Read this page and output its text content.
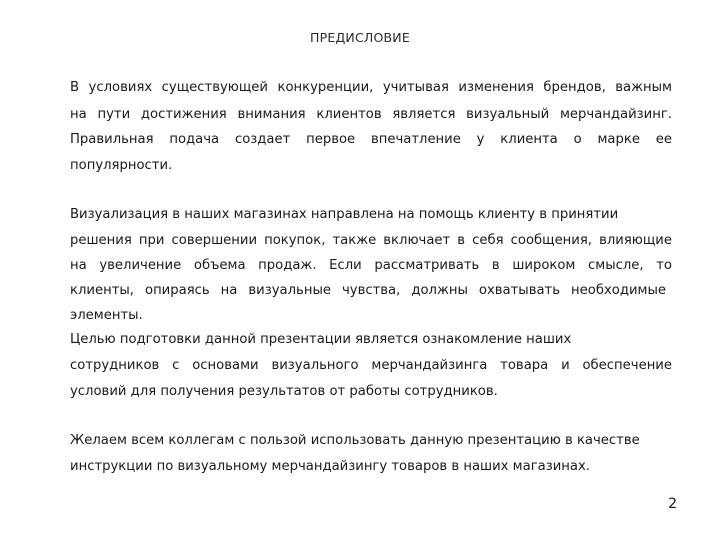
ПРЕДИСЛОВИЕ
В условиях существующей конкуренции, учитывая изменения брендов, важным
на пути достижения внимания клиентов является визуальный мерчандайзинг.
Правильная подача создает первое впечатление у клиента о марке ее
популярности.
Визуализация в наших магазинах направлена на помощь клиенту в принятии
решения при совершении покупок, также включает в себя сообщения, влияющие
на увеличение объема продаж. Если рассматривать в широком смысле, то
клиенты, опираясь на визуальные чувства, должны охватывать необходимые
элементы.
Целью подготовки данной презентации является ознакомление наших
сотрудников с основами визуального мерчандайзинга товара и обеспечение
условий для получения результатов от работы сотрудников.
Желаем всем коллегам с пользой использовать данную презентацию в качестве
инструкции по визуальному мерчандайзингу товаров в наших магазинах.
2
